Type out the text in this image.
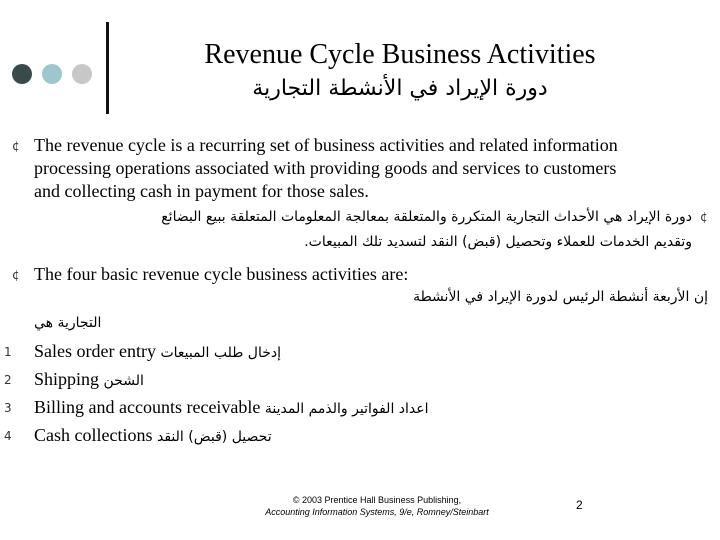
Revenue Cycle Business Activities
دورة الإيراد في الأنشطة التجارية
¢ The revenue cycle is a recurring set of business activities and related information
processing operations associated with providing goods and services to customers
and collecting cash in payment for those sales.
¢
دورة الإيراد هي الأحداث التجارية المتكررة والمتعلقة بمعالجة المعلومات المتعلقة ببيع البضائع
وتقديم الخدمات للعملاء وتحصيل (قبض) النقد لتسديد تلك المبيعات.
¢ The four basic revenue cycle business activities are:
إن الأربعة أنشطة الرئيس لدورة الإيراد في الأنشطة
التجارية هي
1 Sales order entry إدخال طلب المبيعات
2 Shipping الشحن
3 Billing and accounts receivable اعداد الفواتير والذمم المدينة
4 Cash collections تحصيل (قبض) النقد
© 2003 Prentice Hall Business Publishing,
Accounting Information Systems, 9/e, Romney/Steinbart	2
